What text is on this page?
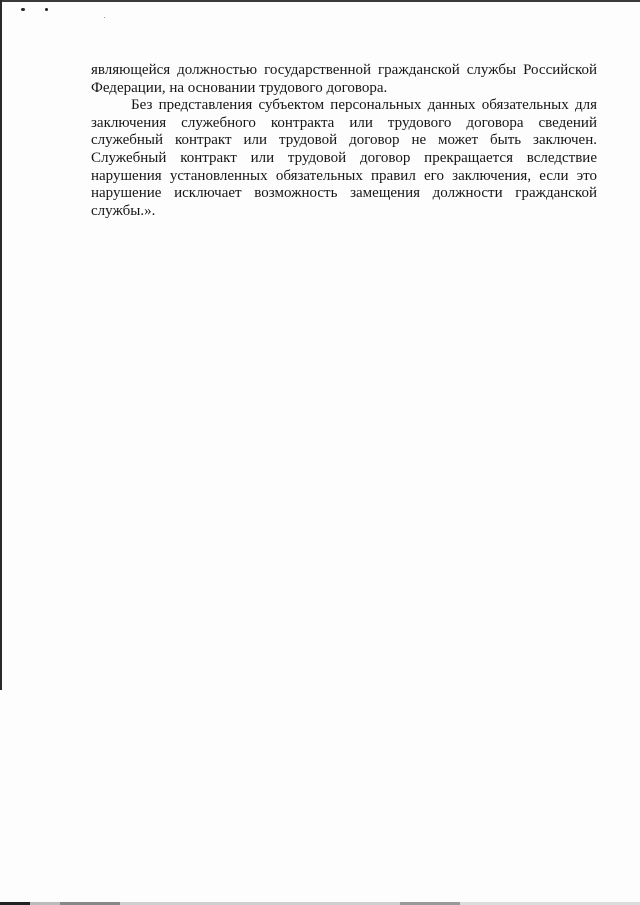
являющейся должностью государственной гражданской службы Российской Федерации, на основании трудового договора.

Без представления субъектом персональных данных обязательных для заключения служебного контракта или трудового договора сведений служебный контракт или трудовой договор не может быть заключен. Служебный контракт или трудовой договор прекращается вследствие нарушения установленных обязательных правил его заключения, если это нарушение исключает возможность замещения должности гражданской службы.».
